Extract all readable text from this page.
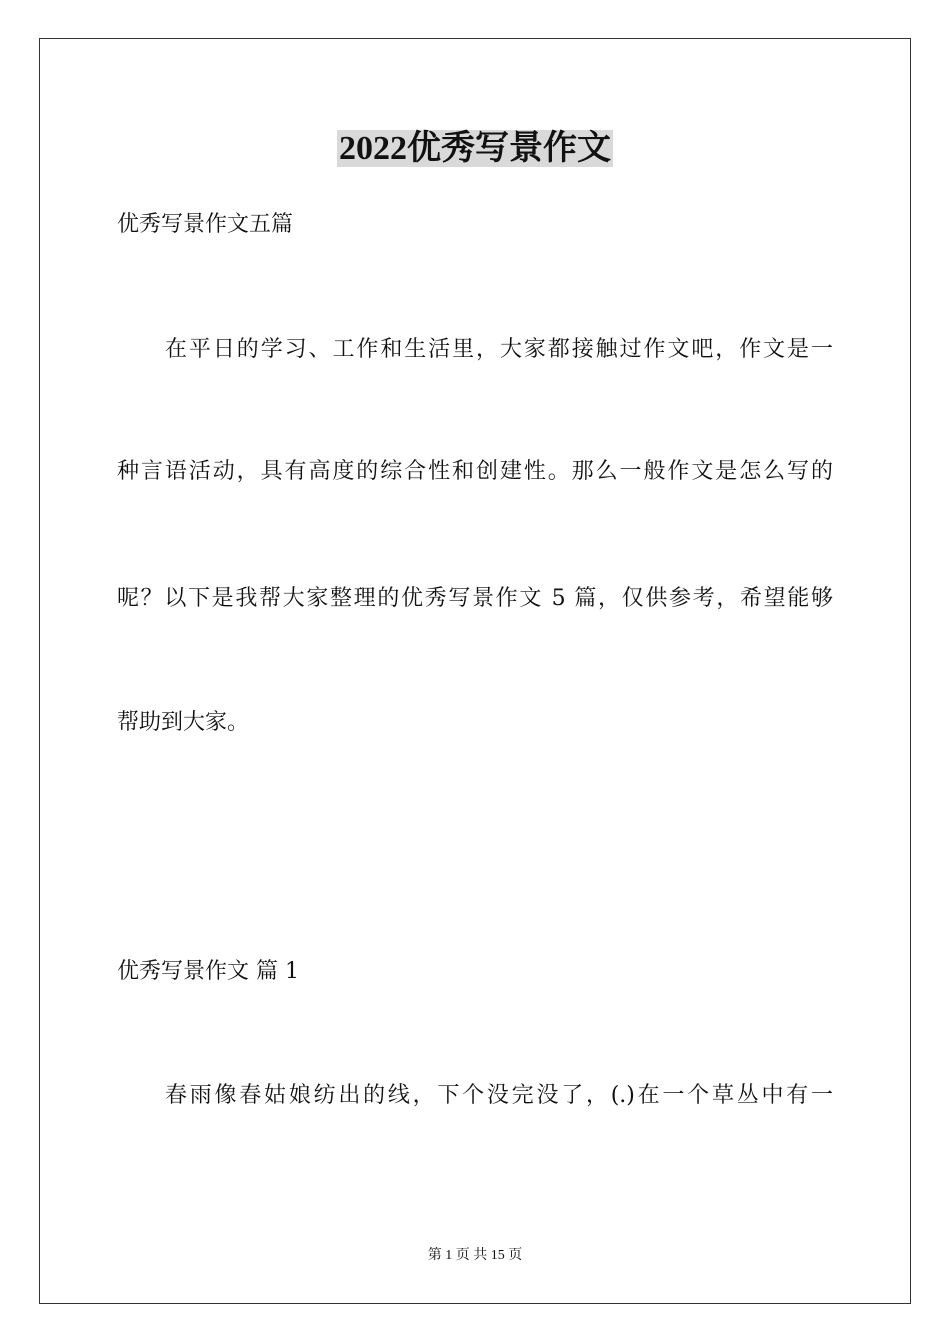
2022优秀写景作文
优秀写景作文五篇
在平日的学习、工作和生活里，大家都接触过作文吧，作文是一
种言语活动，具有高度的综合性和创建性。那么一般作文是怎么写的
呢？以下是我帮大家整理的优秀写景作文 5 篇，仅供参考，希望能够
帮助到大家。
优秀写景作文 篇 1
春雨像春姑娘纺出的线，下个没完没了，(.)在一个草丛中有一
第 1 页 共 15 页
